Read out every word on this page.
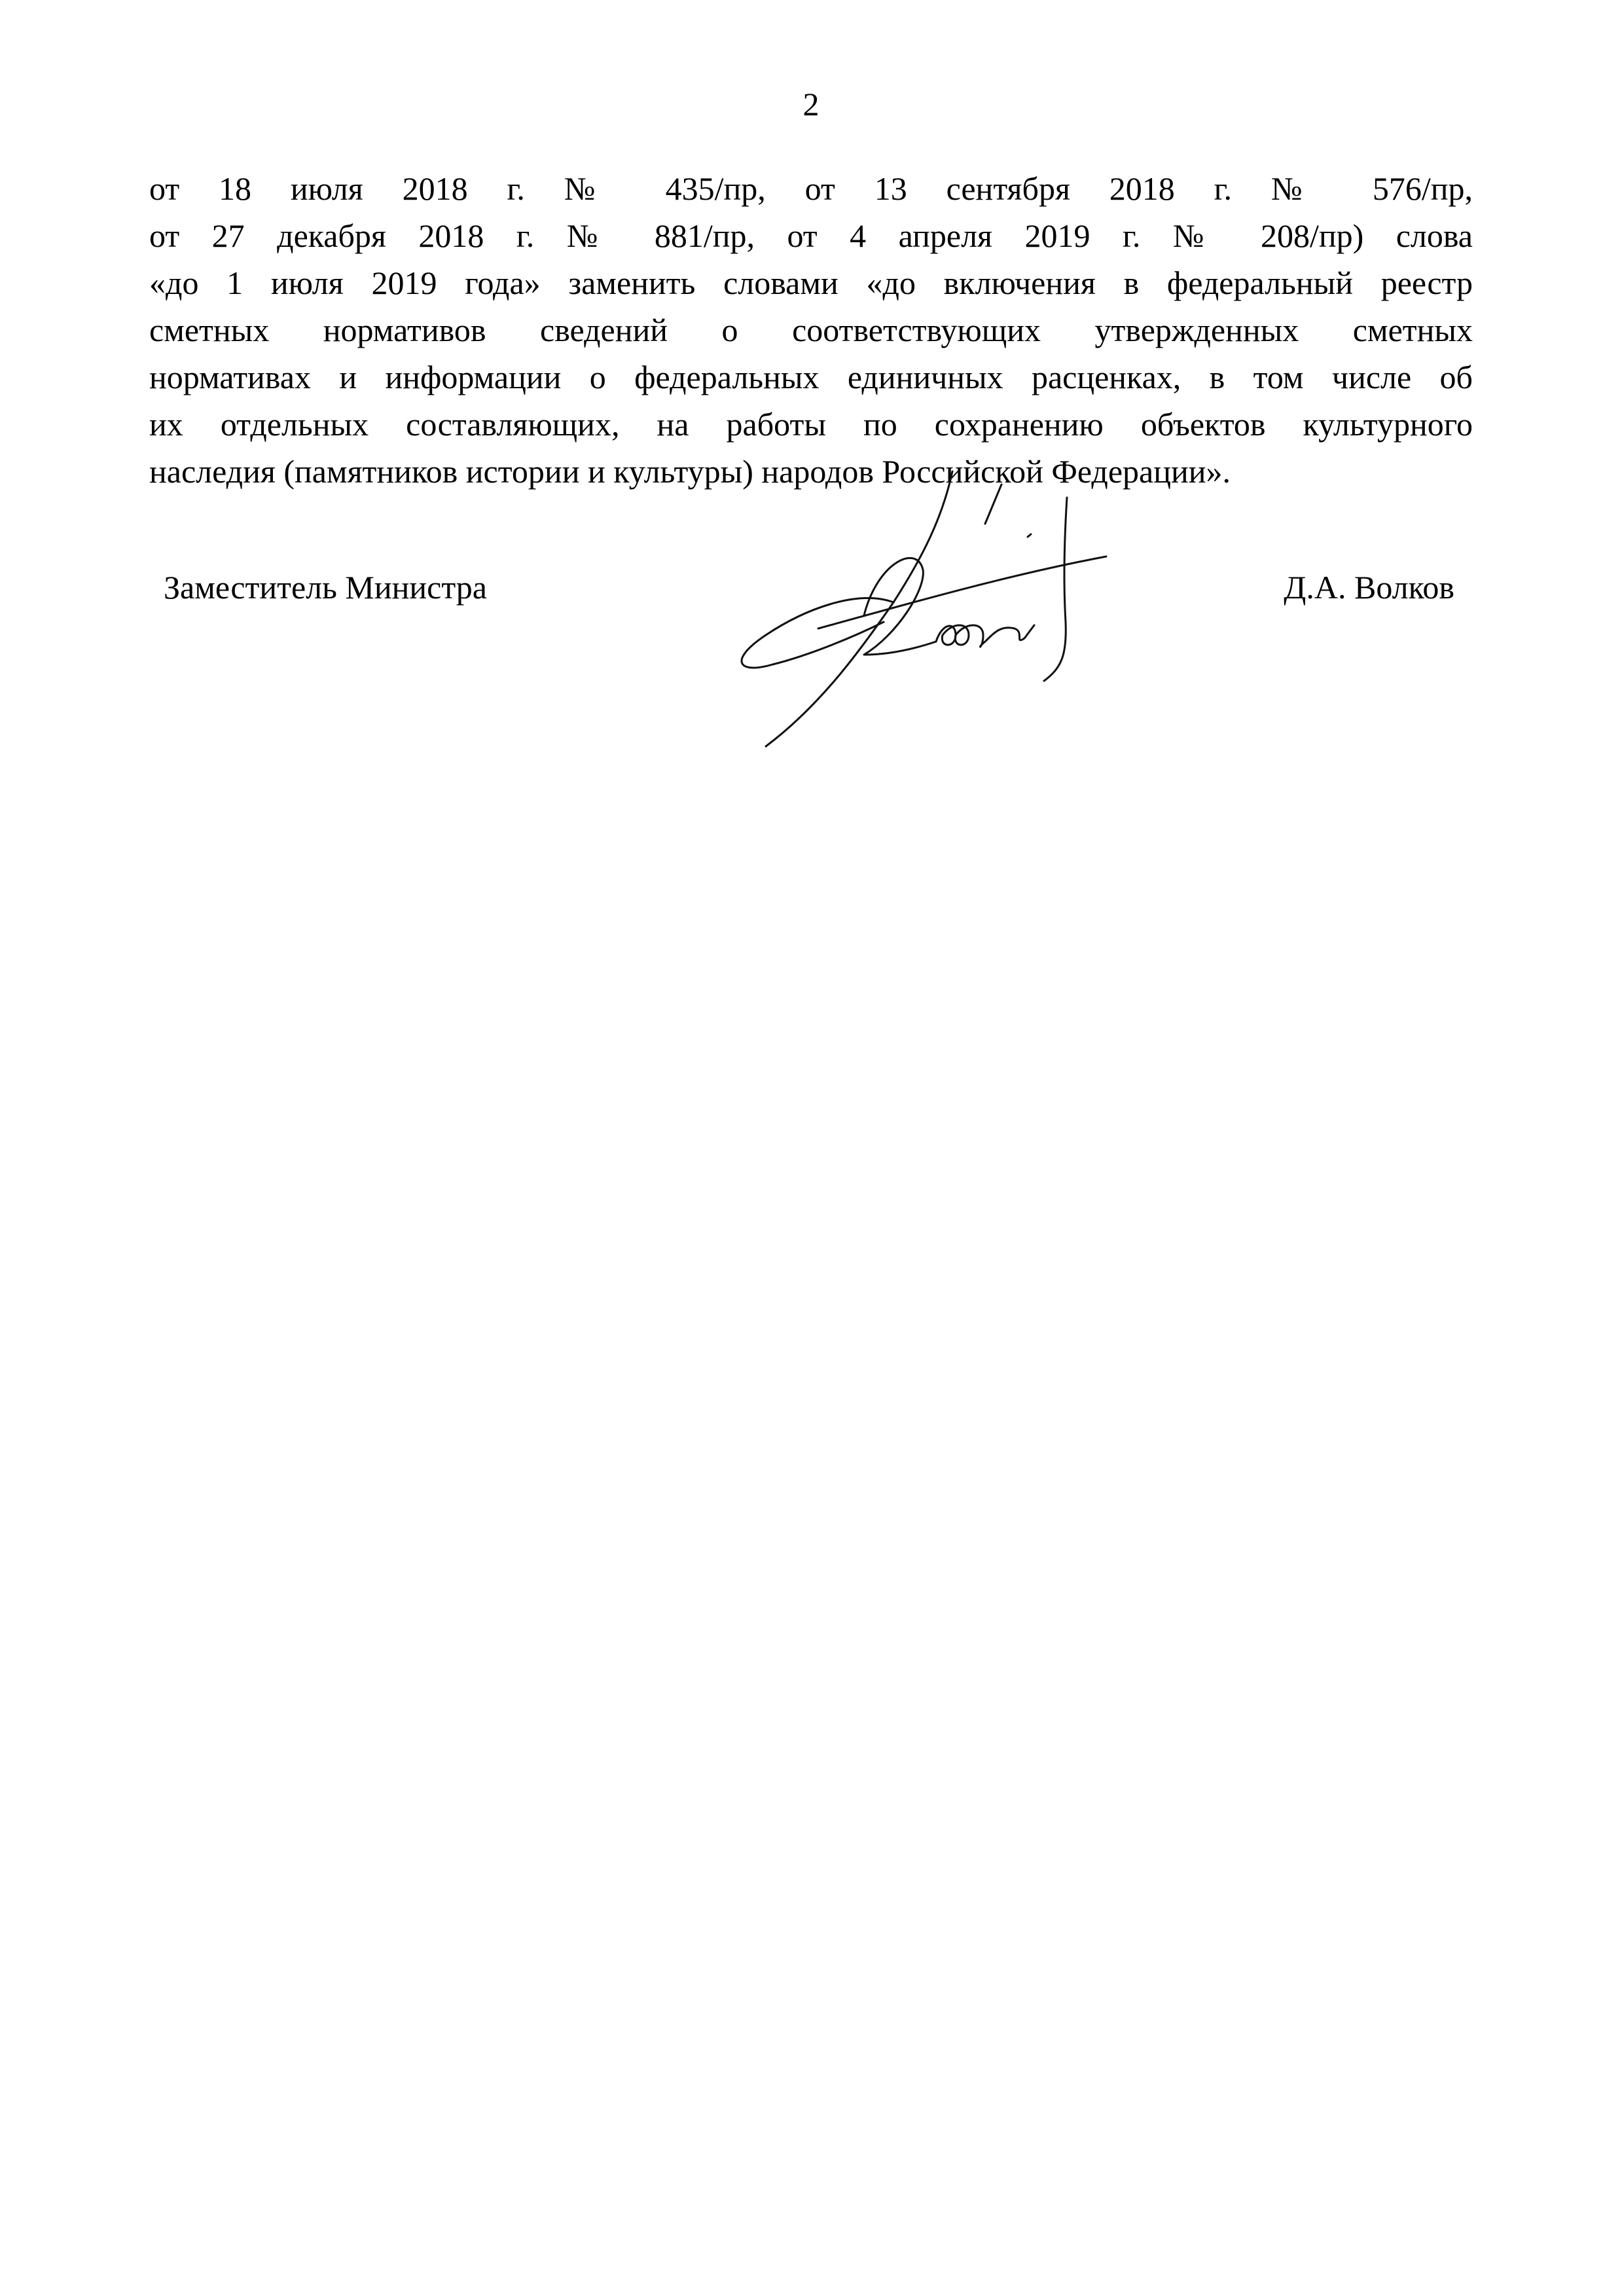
2
от 18 июля 2018 г. № 435/пр, от 13 сентября 2018 г. № 576/пр,
от 27 декабря 2018 г. № 881/пр, от 4 апреля 2019 г. № 208/пр) слова
«до 1 июля 2019 года» заменить словами «до включения в федеральный реестр
сметных нормативов сведений о соответствующих утвержденных сметных
нормативах и информации о федеральных единичных расценках, в том числе об
их отдельных составляющих, на работы по сохранению объектов культурного
наследия (памятников истории и культуры) народов Российской Федерации».
Заместитель Министра	Д.А. Волков
